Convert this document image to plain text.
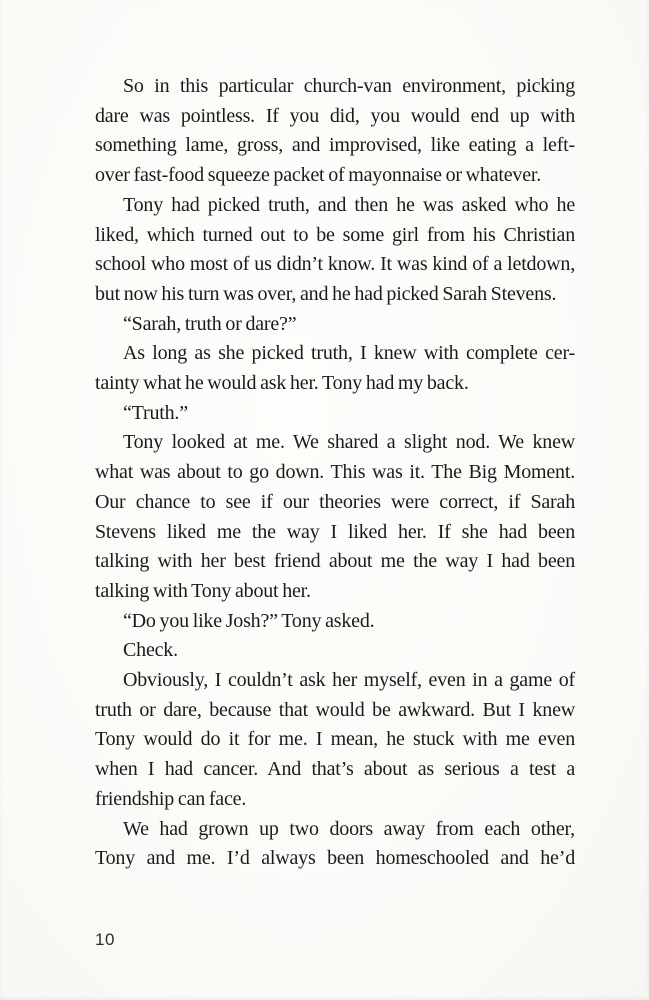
So in this particular church-van environment, picking
dare was pointless. If you did, you would end up with
something lame, gross, and improvised, like eating a left-
over fast-food squeeze packet of mayonnaise or whatever.
Tony had picked truth, and then he was asked who he
liked, which turned out to be some girl from his Christian
school who most of us didn’t know. It was kind of a letdown,
but now his turn was over, and he had picked Sarah Stevens.
“Sarah, truth or dare?”
As long as she picked truth, I knew with complete cer-
tainty what he would ask her. Tony had my back.
“Truth.”
Tony looked at me. We shared a slight nod. We knew
what was about to go down. This was it. The Big Moment.
Our chance to see if our theories were correct, if Sarah
Stevens liked me the way I liked her. If she had been
talking with her best friend about me the way I had been
talking with Tony about her.
“Do you like Josh?” Tony asked.
Check.
Obviously, I couldn’t ask her myself, even in a game of
truth or dare, because that would be awkward. But I knew
Tony would do it for me. I mean, he stuck with me even
when I had cancer. And that’s about as serious a test a
friendship can face.
We had grown up two doors away from each other,
Tony and me. I’d always been homeschooled and he’d
10
